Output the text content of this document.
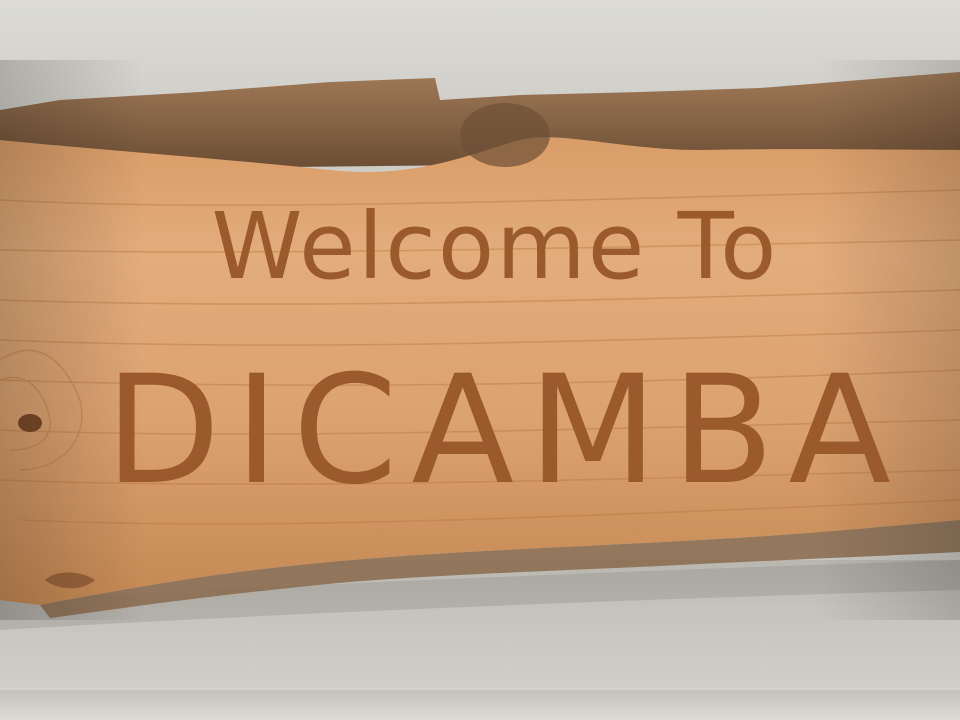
Welcome To
DICAMBA
